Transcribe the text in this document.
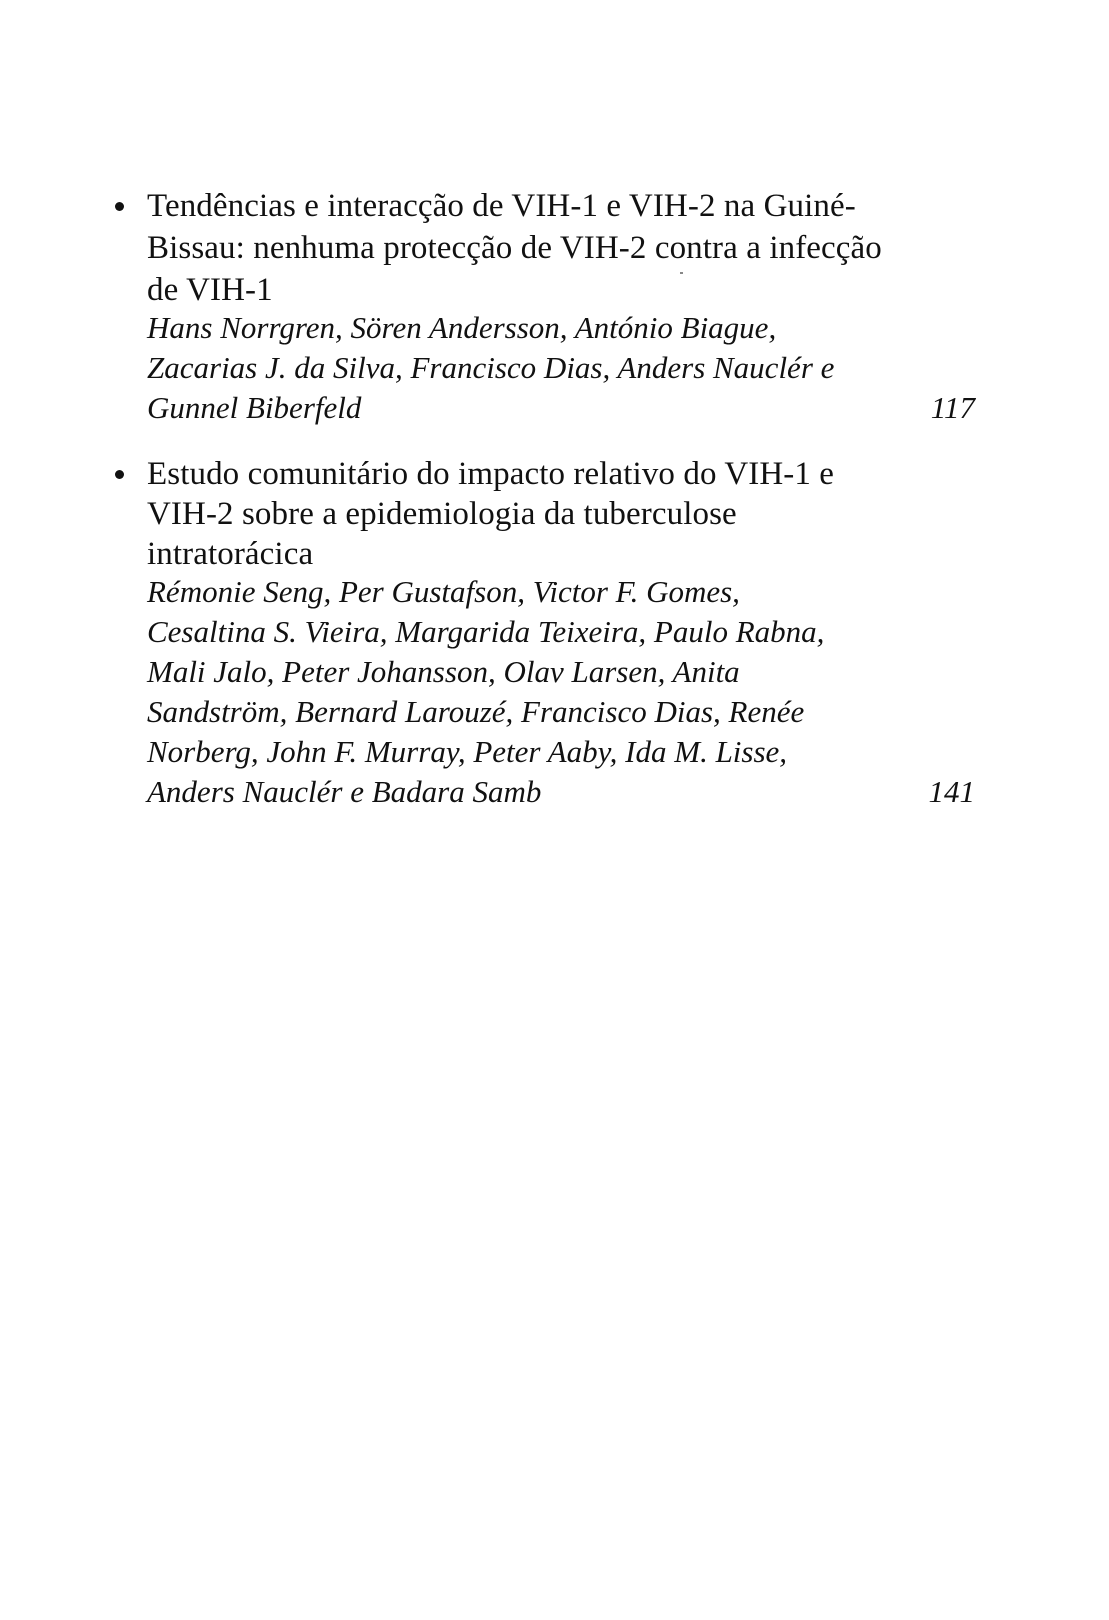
Tendências e interacção de VIH-1 e VIH-2 na Guiné-
Bissau: nenhuma protecção de VIH-2 contra a infecção
de VIH-1
Hans Norrgren, Sören Andersson, António Biague,
Zacarias J. da Silva, Francisco Dias, Anders Nauclér e
Gunnel Biberfeld	117
Estudo comunitário do impacto relativo do VIH-1 e
VIH-2 sobre a epidemiologia da tuberculose
intratorácica
Rémonie Seng, Per Gustafson, Victor F. Gomes,
Cesaltina S. Vieira, Margarida Teixeira, Paulo Rabna,
Mali Jalo, Peter Johansson, Olav Larsen, Anita
Sandström, Bernard Larouzé, Francisco Dias, Renée
Norberg, John F. Murray, Peter Aaby, Ida M. Lisse,
Anders Nauclér e Badara Samb	141
